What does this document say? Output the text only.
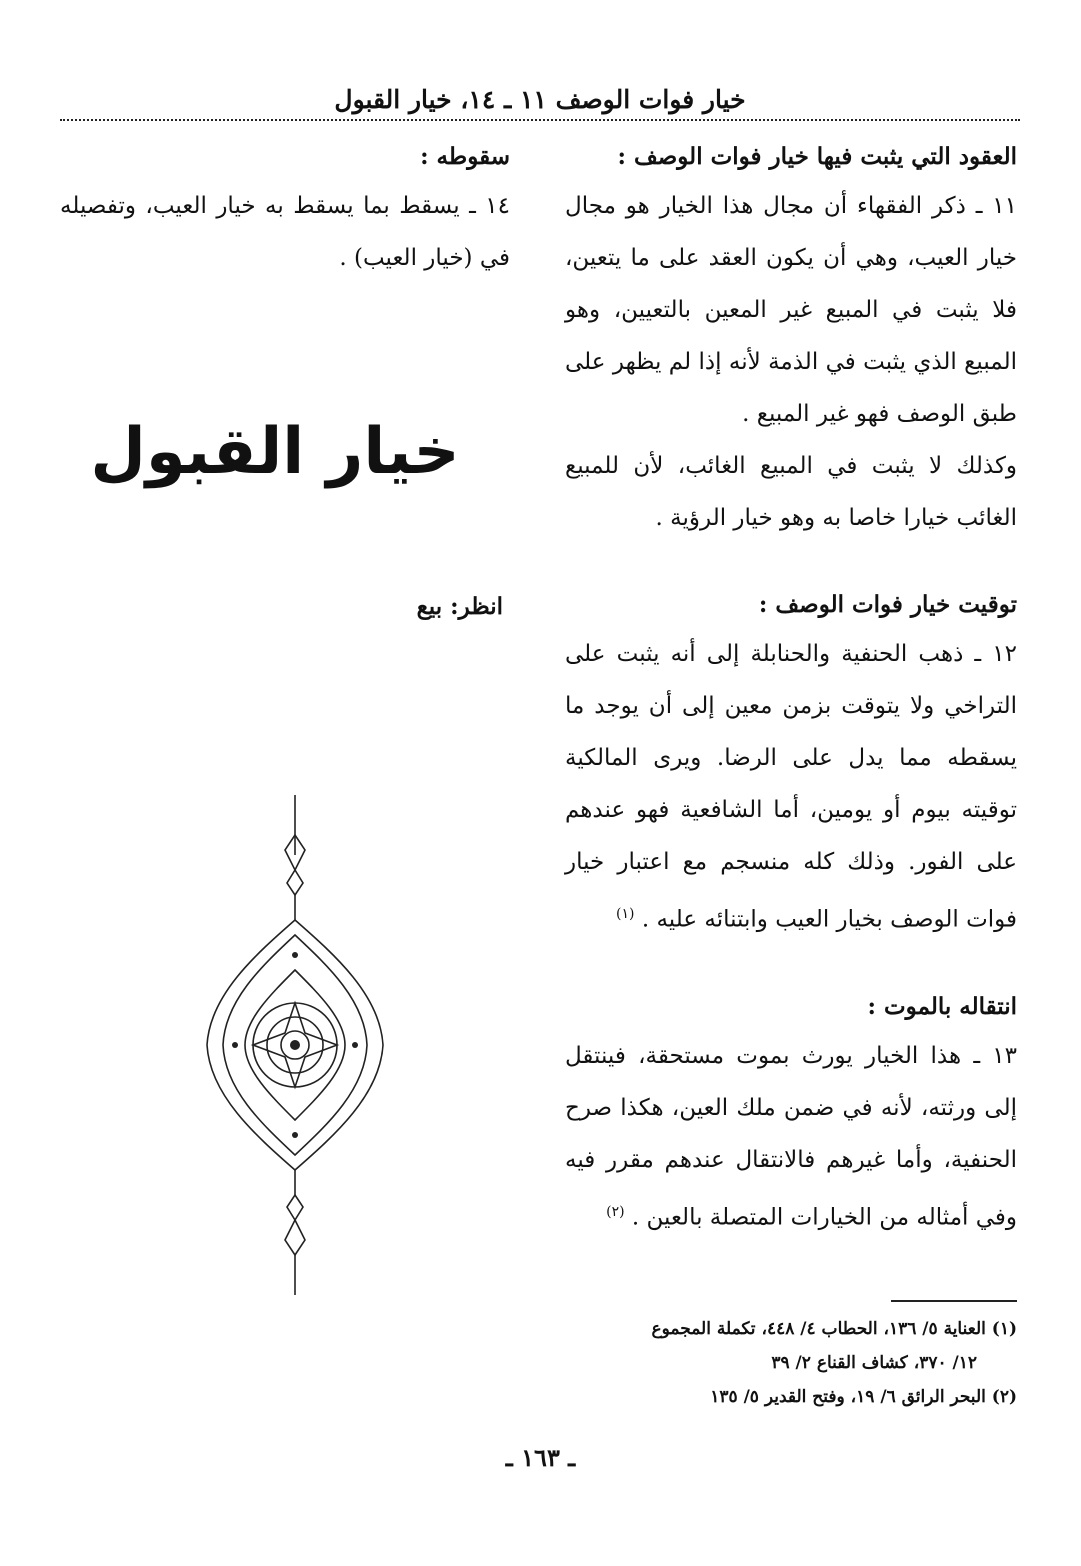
خيار فوات الوصف ١١ ـ ١٤، خيار القبول

العقود التي يثبت فيها خيار فوات الوصف :

١١ ـ ذكر الفقهاء أن مجال هذا الخيار هو مجال خيار العيب، وهي أن يكون العقد على ما يتعين، فلا يثبت في المبيع غير المعين بالتعيين، وهو المبيع الذي يثبت في الذمة لأنه إذا لم يظهر على طبق الوصف فهو غير المبيع .

وكذلك لا يثبت في المبيع الغائب، لأن للمبيع الغائب خيارا خاصا به وهو خيار الرؤية .

توقيت خيار فوات الوصف :

١٢ ـ ذهب الحنفية والحنابلة إلى أنه يثبت على التراخي ولا يتوقت بزمن معين إلى أن يوجد ما يسقطه مما يدل على الرضا. ويرى المالكية توقيته بيوم أو يومين، أما الشافعية فهو عندهم على الفور. وذلك كله منسجم مع اعتبار خيار فوات الوصف بخيار العيب وابتنائه عليه . $^{(١)}$

انتقاله بالموت :

١٣ ـ هذا الخيار يورث بموت مستحقة، فينتقل إلى ورثته، لأنه في ضمن ملك العين، هكذا صرح الحنفية، وأما غيرهم فالانتقال عندهم مقرر فيه وفي أمثاله من الخيارات المتصلة بالعين . $^{(٢)}$

سقوطه :

١٤ ـ يسقط بما يسقط به خيار العيب، وتفصيله في (خيار العيب) .

خيار القبول
انظر: بيع

(١) العناية ٥/ ١٣٦، الحطاب ٤/ ٤٤٨، تكملة المجموع

١٢/ ٣٧٠، كشاف القناع ٢/ ٣٩

(٢) البحر الرائق ٦/ ١٩، وفتح القدير ٥/ ١٣٥

ـ ١٦٣ ـ
